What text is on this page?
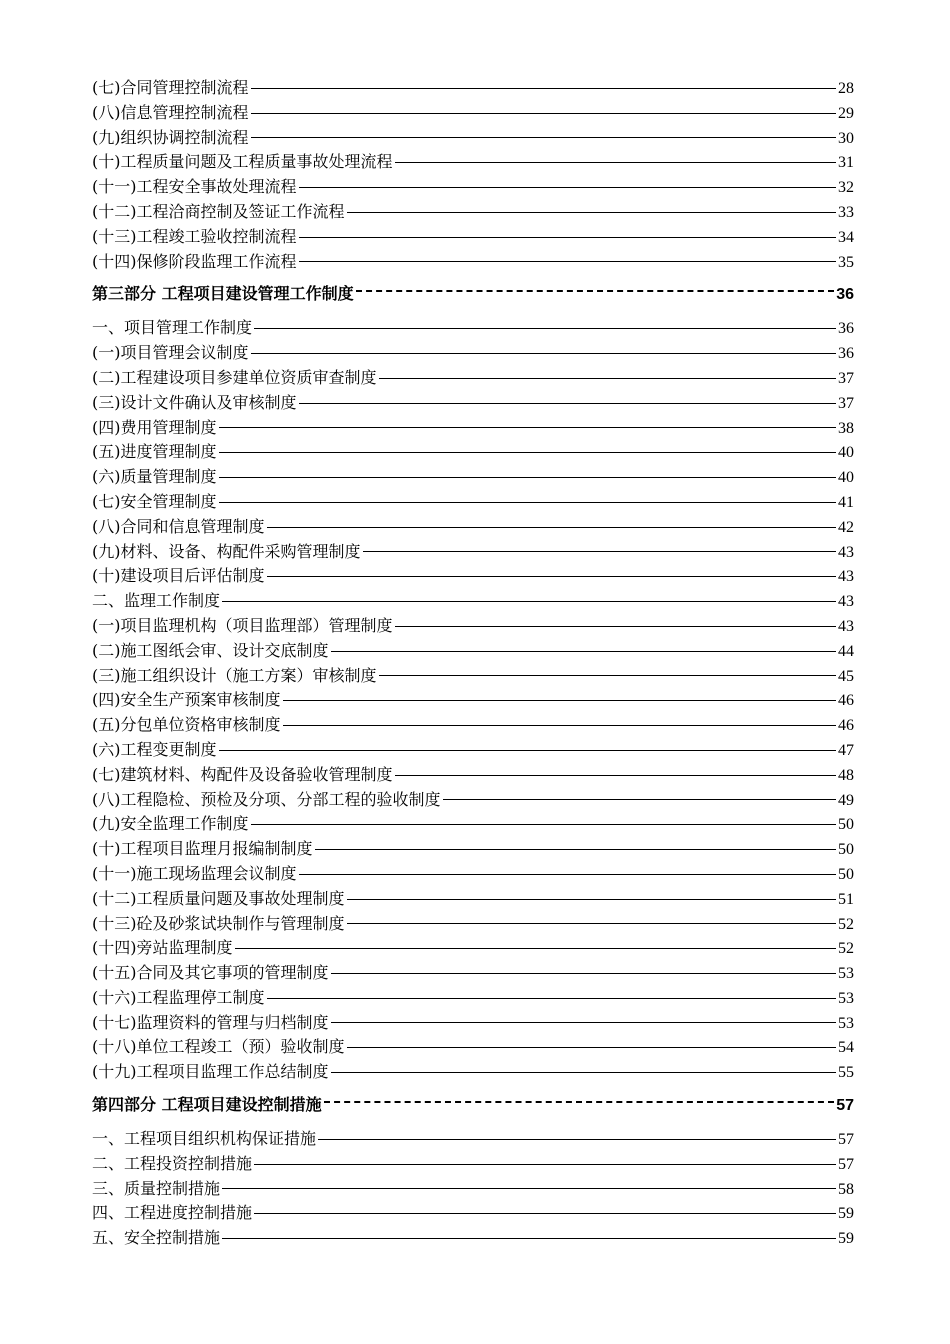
(七)合同管理控制流程	28
(八)信息管理控制流程	29
(九)组织协调控制流程	30
(十)工程质量问题及工程质量事故处理流程	31
(十一)工程安全事故处理流程	32
(十二)工程洽商控制及签证工作流程	33
(十三)工程竣工验收控制流程	34
(十四)保修阶段监理工作流程	35
第三部分 工程项目建设管理工作制度	36
一、项目管理工作制度	36
(一)项目管理会议制度	36
(二)工程建设项目参建单位资质审查制度	37
(三)设计文件确认及审核制度	37
(四)费用管理制度	38
(五)进度管理制度	40
(六)质量管理制度	40
(七)安全管理制度	41
(八)合同和信息管理制度	42
(九)材料、设备、构配件采购管理制度	43
(十)建设项目后评估制度	43
二、监理工作制度	43
(一)项目监理机构（项目监理部）管理制度	43
(二)施工图纸会审、设计交底制度	44
(三)施工组织设计（施工方案）审核制度	45
(四)安全生产预案审核制度	46
(五)分包单位资格审核制度	46
(六)工程变更制度	47
(七)建筑材料、构配件及设备验收管理制度	48
(八)工程隐检、预检及分项、分部工程的验收制度	49
(九)安全监理工作制度	50
(十)工程项目监理月报编制制度	50
(十一)施工现场监理会议制度	50
(十二)工程质量问题及事故处理制度	51
(十三)砼及砂浆试块制作与管理制度	52
(十四)旁站监理制度	52
(十五)合同及其它事项的管理制度	53
(十六)工程监理停工制度	53
(十七)监理资料的管理与归档制度	53
(十八)单位工程竣工（预）验收制度	54
(十九)工程项目监理工作总结制度	55
第四部分 工程项目建设控制措施	57
一、工程项目组织机构保证措施	57
二、工程投资控制措施	57
三、质量控制措施	58
四、工程进度控制措施	59
五、安全控制措施	59
